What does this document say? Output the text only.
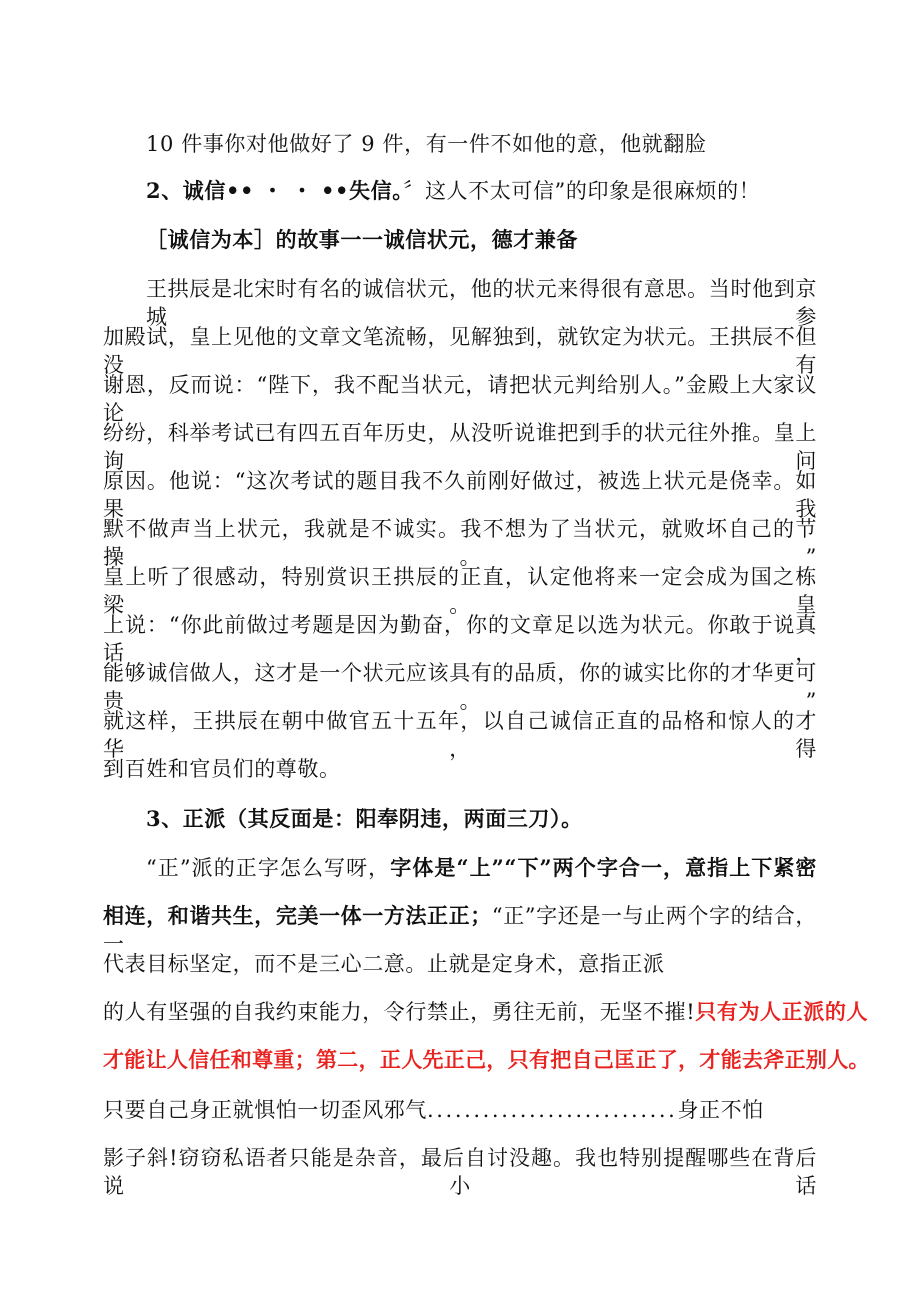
10 件事你对他做好了 9 件，有一件不如他的意，他就翻脸
2、诚信•• ・ ・ ••失信。〞这人不太可信”的印象是很麻烦的！
［诚信为本］的故事一一诚信状元，德才兼备
王拱辰是北宋时有名的诚信状元，他的状元来得很有意思。当时他到京城参
加殿试，皇上见他的文章文笔流畅，见解独到，就钦定为状元。王拱辰不但没有
谢恩，反而说：“陛下，我不配当状元，请把状元判给别人。”金殿上大家议论
纷纷，科举考试已有四五百年历史，从没听说谁把到手的状元往外推。皇上询问
原因。他说：“这次考试的题目我不久前刚好做过，被选上状元是侥幸。如果我
默不做声当上状元，我就是不诚实。我不想为了当状元，就败坏自己的节操。”
皇上听了很感动，特别赏识王拱辰的正直，认定他将来一定会成为国之栋梁。皇
上说：“你此前做过考题是因为勤奋，你的文章足以选为状元。你敢于说真话，
能够诚信做人，这才是一个状元应该具有的品质，你的诚实比你的才华更可贵。”
就这样，王拱辰在朝中做官五十五年，以自己诚信正直的品格和惊人的才华，得
到百姓和官员们的尊敬。
3、正派（其反面是：阳奉阴违，两面三刀）。
“正”派的正字怎么写呀，字体是“上”“下”两个字合一，意指上下紧密
相连，和谐共生，完美一体一方法正正；“正”字还是一与止两个字的结合，一
代表目标坚定，而不是三心二意。止就是定身术，意指正派
的人有坚强的自我约束能力，令行禁止，勇往无前，无坚不摧!只有为人正派的人
才能让人信任和尊重；第二，正人先正己，只有把自己匡正了，才能去斧正别人。
只要自己身正就惧怕一切歪风邪气...........................身正不怕
影子斜!窃窃私语者只能是杂音，最后自讨没趣。我也特别提醒哪些在背后说小话
